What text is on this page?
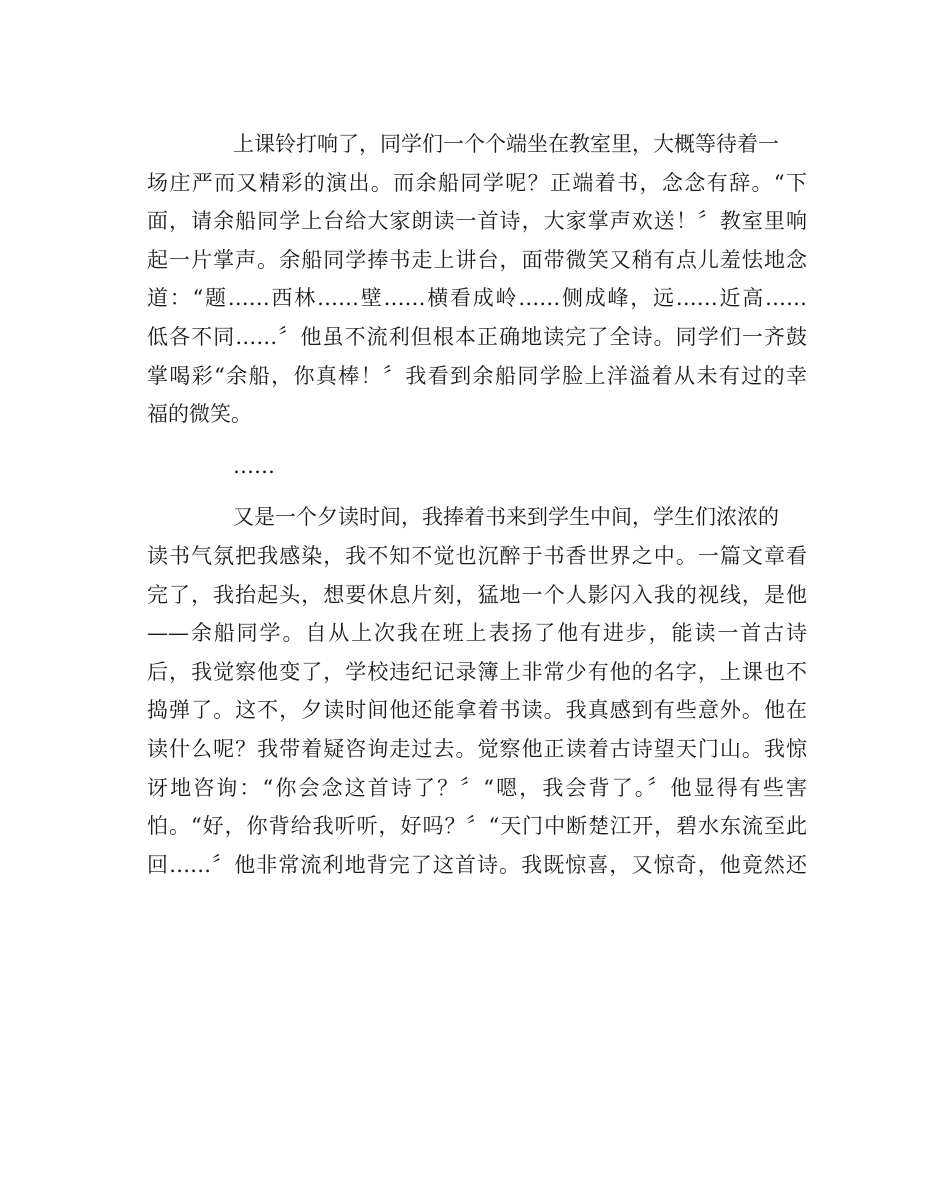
上课铃打响了，同学们一个个端坐在教室里，大概等待着一
场庄严而又精彩的演出。而余船同学呢？正端着书，念念有辞。“下
面，请余船同学上台给大家朗读一首诗，大家掌声欢送！〞教室里响
起一片掌声。余船同学捧书走上讲台，面带微笑又稍有点儿羞怯地念
道：“题……西林……壁……横看成岭……侧成峰，远……近高……
低各不同……〞他虽不流利但根本正确地读完了全诗。同学们一齐鼓
掌喝彩“余船，你真棒！〞我看到余船同学脸上洋溢着从未有过的幸
福的微笑。
……
又是一个夕读时间，我捧着书来到学生中间，学生们浓浓的
读书气氛把我感染，我不知不觉也沉醉于书香世界之中。一篇文章看
完了，我抬起头，想要休息片刻，猛地一个人影闪入我的视线，是他
——余船同学。自从上次我在班上表扬了他有进步，能读一首古诗
后，我觉察他变了，学校违纪记录簿上非常少有他的名字，上课也不
捣弹了。这不，夕读时间他还能拿着书读。我真感到有些意外。他在
读什么呢？我带着疑咨询走过去。觉察他正读着古诗望天门山。我惊
讶地咨询：“你会念这首诗了？〞“嗯，我会背了。〞他显得有些害
怕。“好，你背给我听听，好吗？〞“天门中断楚江开，碧水东流至此
回……〞他非常流利地背完了这首诗。我既惊喜，又惊奇，他竟然还
